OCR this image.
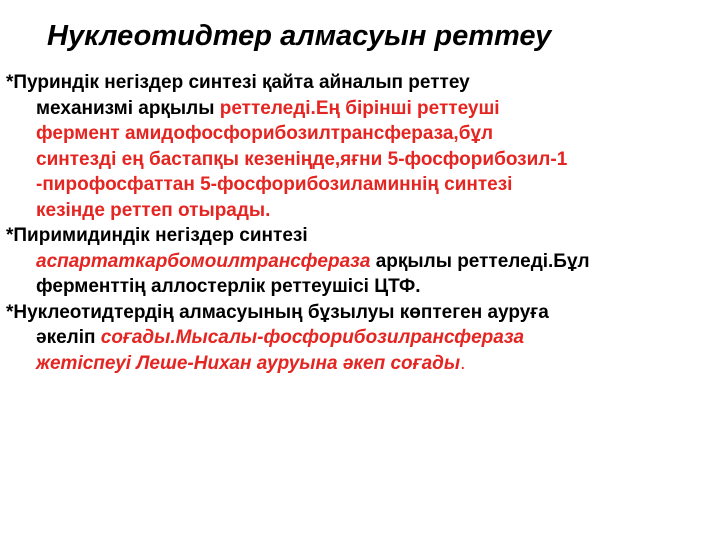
Нуклеотидтер алмасуын реттеу
*Пуриндік негіздер синтезі қайта айналып реттеу
механизмі арқылы реттеледі.Ең бірінші реттеуші
фермент амидофосфорибозилтрансфераза,бұл
синтезді ең бастапқы кезеніңде,яғни 5-фосфорибозил-1
-пирофосфаттан 5-фосфорибозиламиннің синтезі
кезінде реттеп отырады.
*Пиримидиндік негіздер синтезі
аспартаткарбомоилтрансфераза арқылы реттеледі.Бұл
ферменттің аллостерлік реттеушісі ЦТФ.
*Нуклеотидтердің алмасуының бұзылуы көптеген ауруға
әкеліп соғады.Мысалы-фосфорибозилрансфераза
жетіспеуі Леше-Нихан ауруына әкеп соғады.
